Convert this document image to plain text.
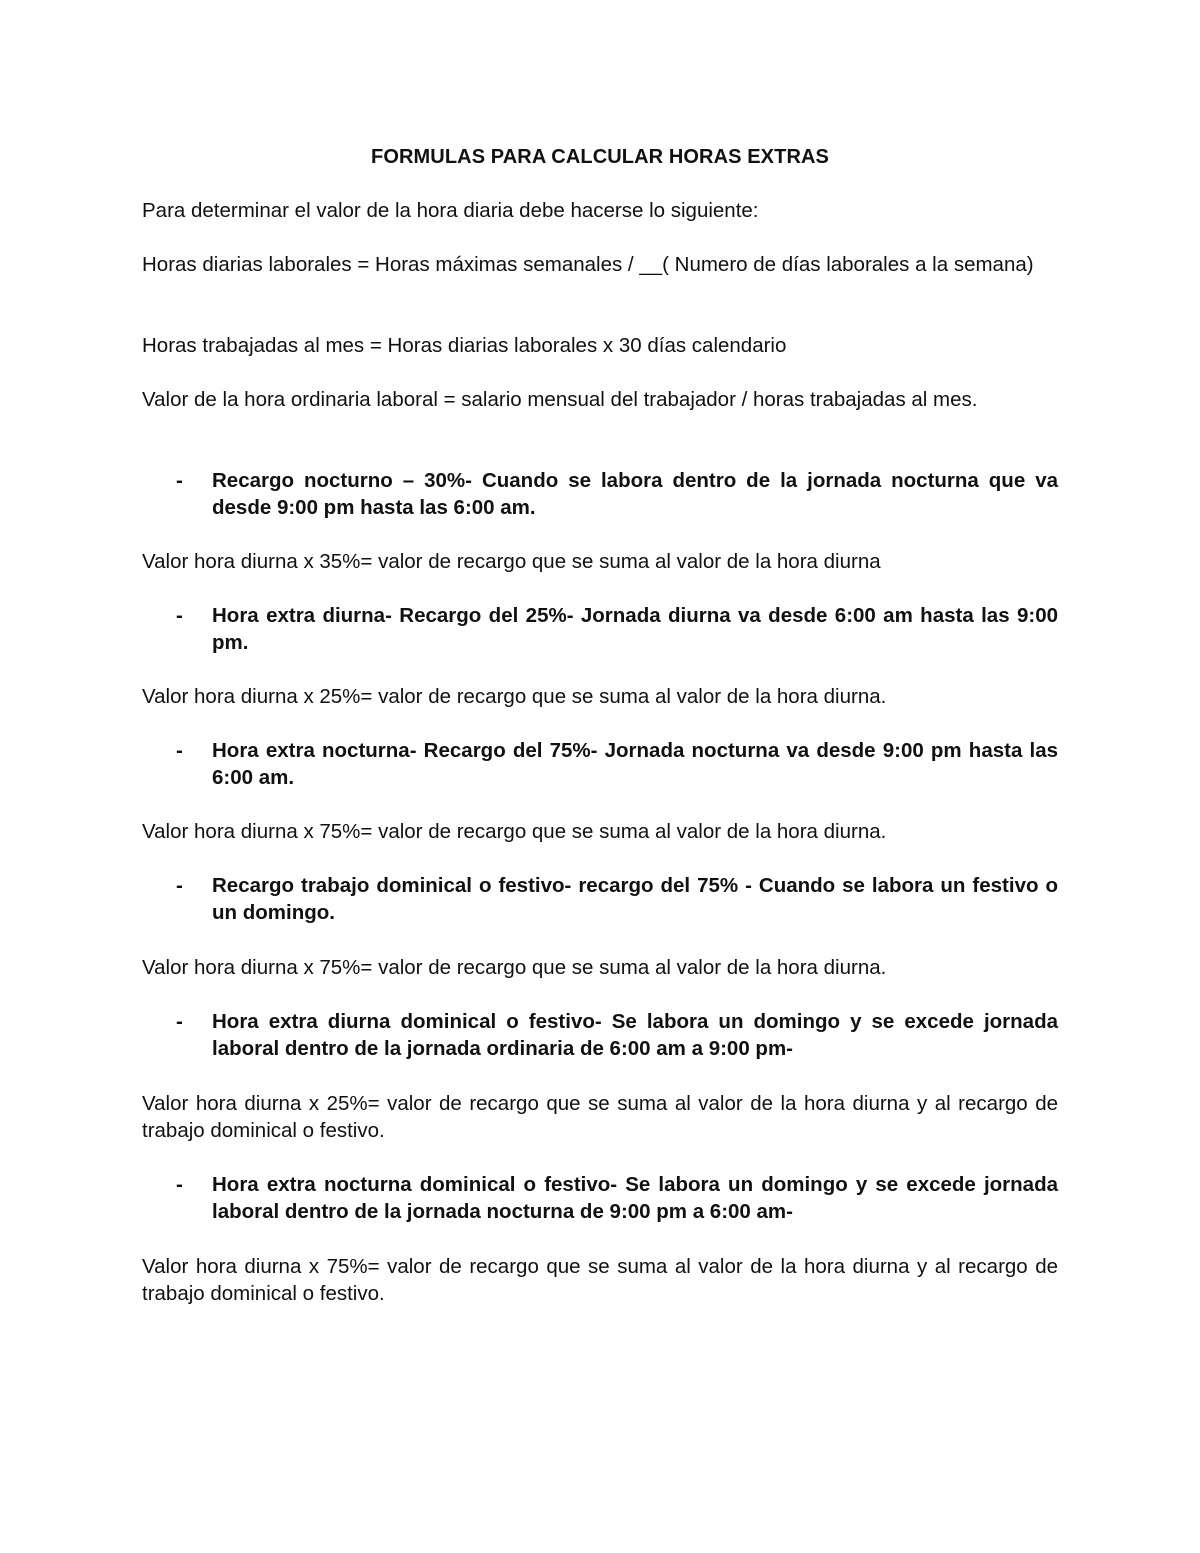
FORMULAS PARA CALCULAR HORAS EXTRAS
Para determinar el valor de la hora diaria debe hacerse lo siguiente:
Horas diarias laborales = Horas máximas semanales / __( Numero de días laborales a la semana)
Horas trabajadas al mes = Horas diarias laborales x 30 días calendario
Valor de la hora ordinaria laboral = salario mensual del trabajador / horas trabajadas al mes.
- Recargo nocturno – 30%- Cuando se labora dentro de la jornada nocturna que va desde 9:00 pm hasta las 6:00 am.
Valor hora diurna x 35%= valor de recargo que se suma al valor de la hora diurna
- Hora extra diurna- Recargo del 25%- Jornada diurna va desde 6:00 am hasta las 9:00 pm.
Valor hora diurna x 25%= valor de recargo que se suma al valor de la hora diurna.
- Hora extra nocturna- Recargo del 75%- Jornada nocturna va desde 9:00 pm hasta las 6:00 am.
Valor hora diurna x 75%= valor de recargo que se suma al valor de la hora diurna.
- Recargo trabajo dominical o festivo- recargo del 75% - Cuando se labora un festivo o un domingo.
Valor hora diurna x 75%= valor de recargo que se suma al valor de la hora diurna.
- Hora extra diurna dominical o festivo- Se labora un domingo y se excede jornada laboral dentro de la jornada ordinaria de 6:00 am a 9:00 pm-
Valor hora diurna x 25%= valor de recargo que se suma al valor de la hora diurna y al recargo de trabajo dominical o festivo.
- Hora extra nocturna dominical o festivo- Se labora un domingo y se excede jornada laboral dentro de la jornada nocturna de 9:00 pm a 6:00 am-
Valor hora diurna x 75%= valor de recargo que se suma al valor de la hora diurna y al recargo de trabajo dominical o festivo.
